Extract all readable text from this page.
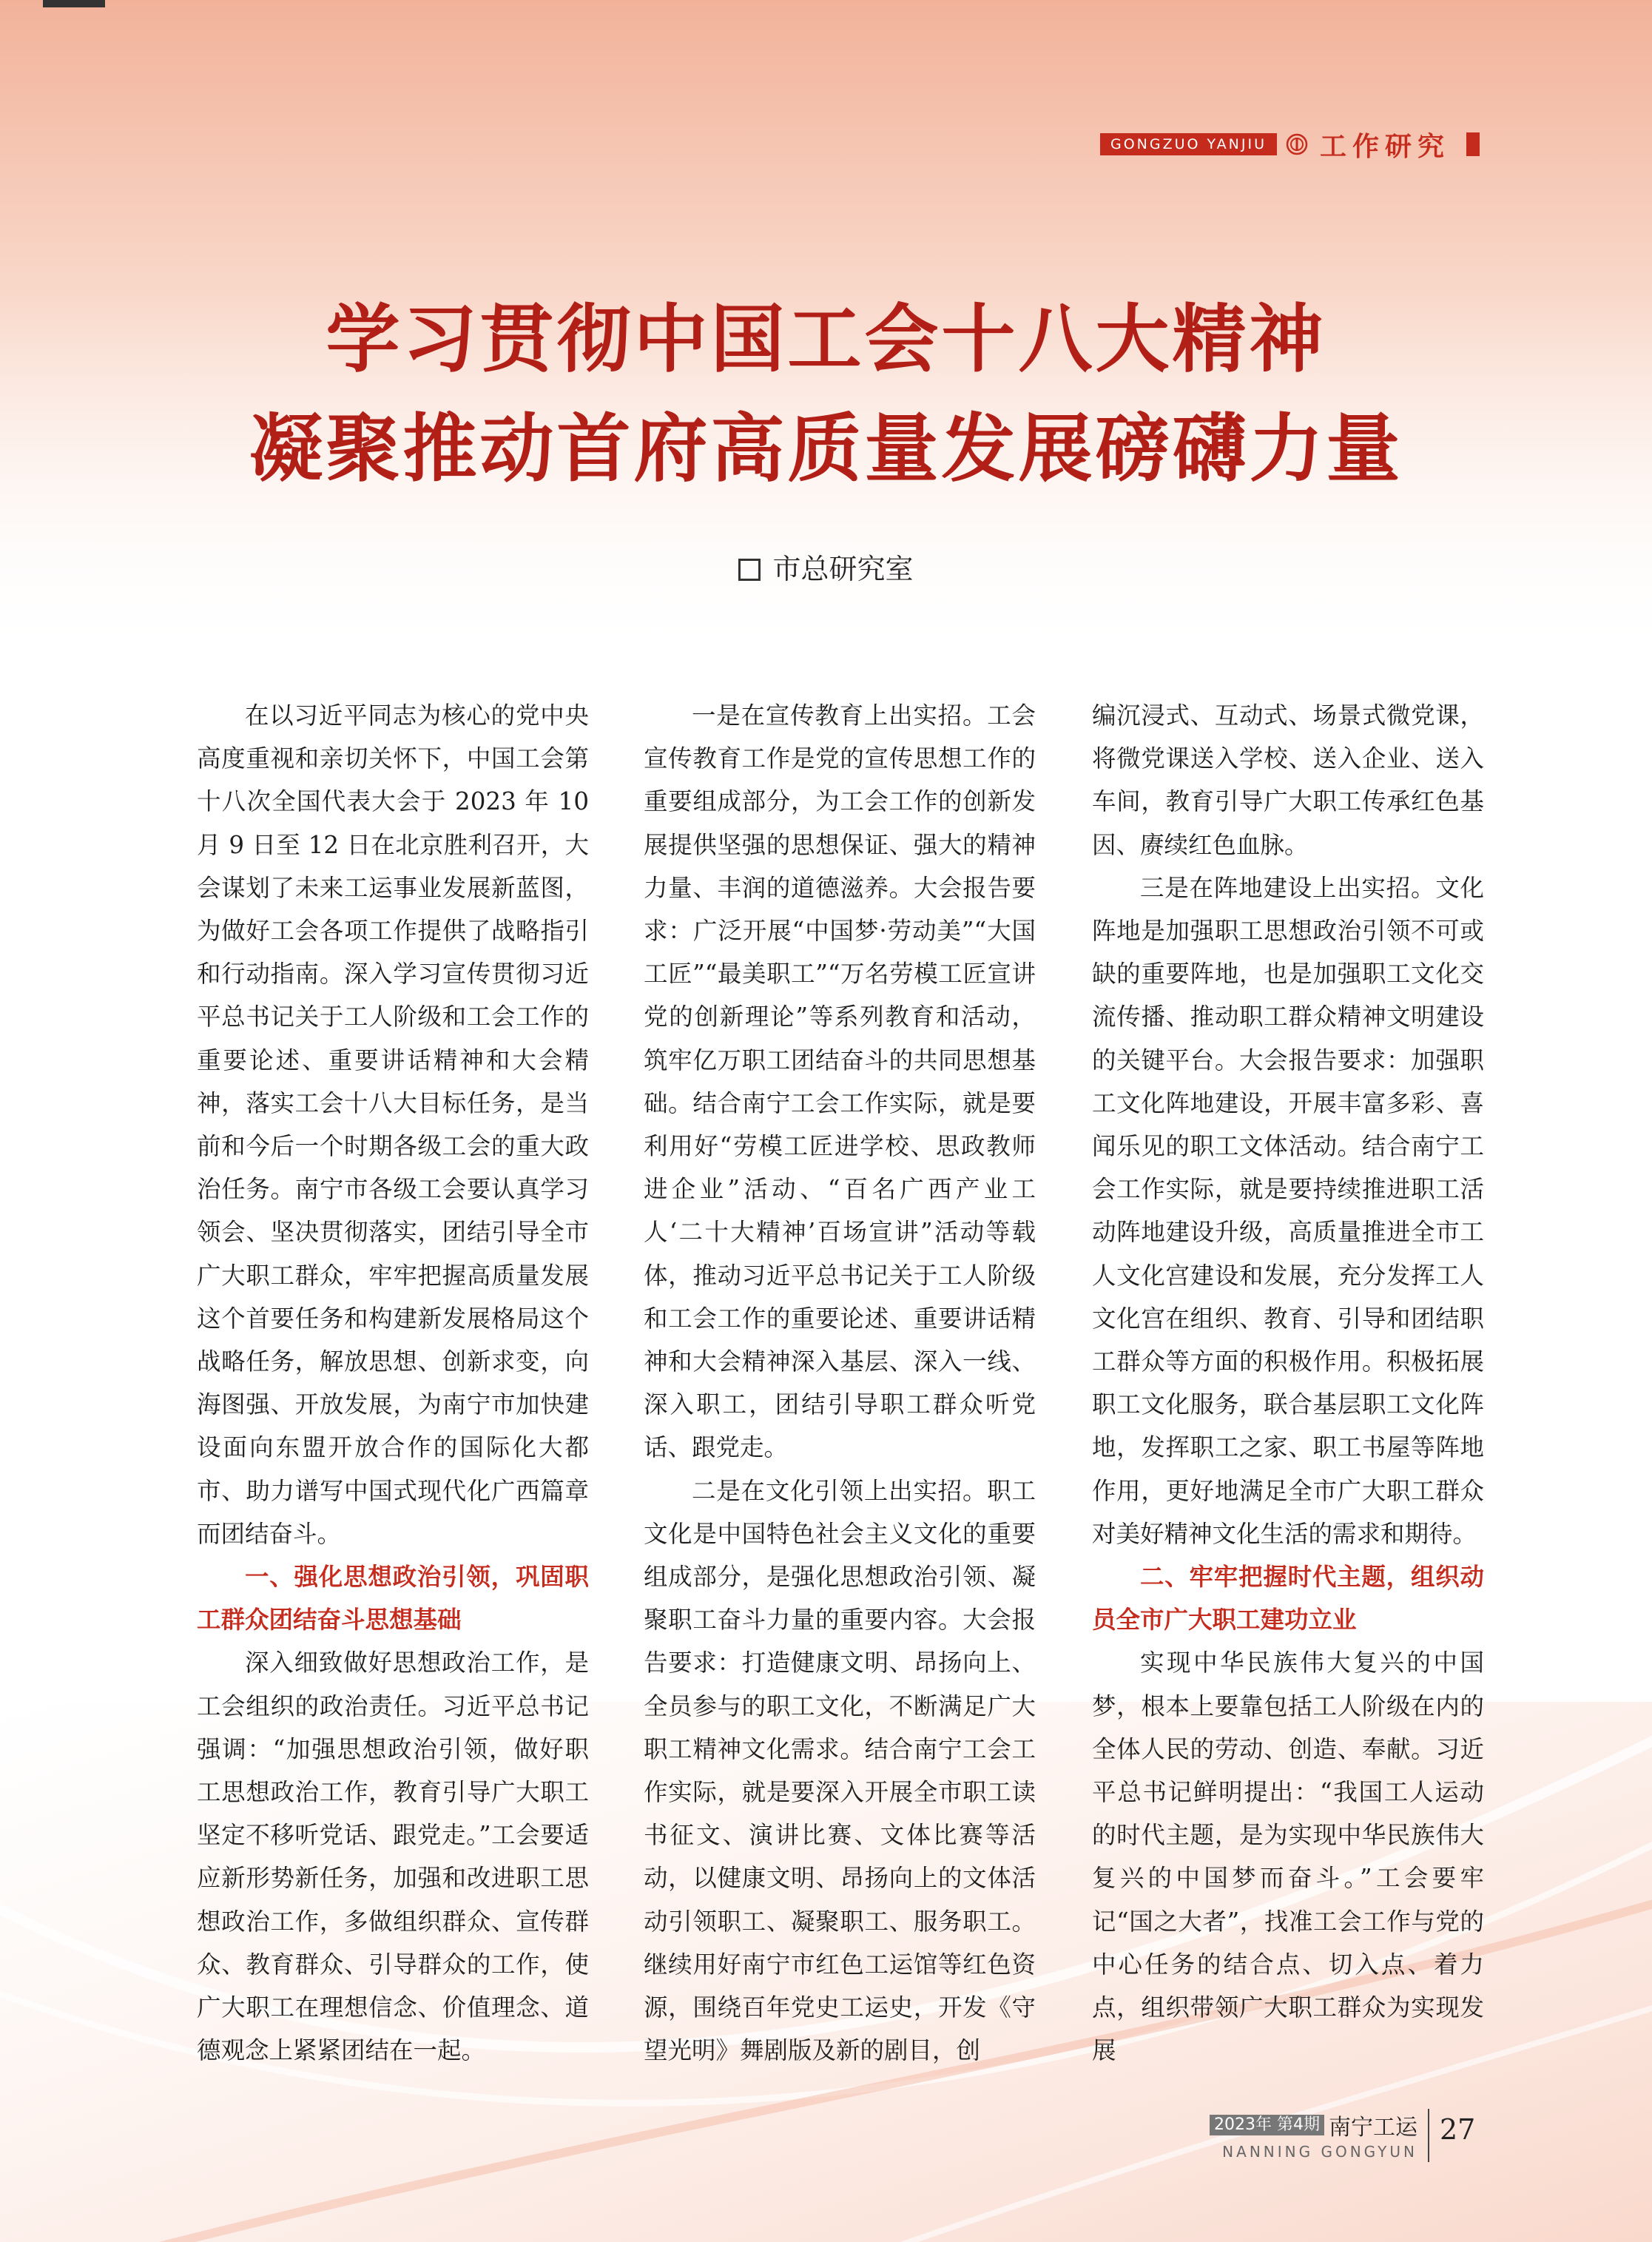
GONGZUO YANJIU	工作研究
学习贯彻中国工会十八大精神
凝聚推动首府高质量发展磅礴力量
市总研究室

在以习近平同志为核心的党中央高度重视和亲切关怀下，中国工会第十八次全国代表大会于 2023 年 10 月 9 日至 12 日在北京胜利召开，大会谋划了未来工运事业发展新蓝图，为做好工会各项工作提供了战略指引和行动指南。深入学习宣传贯彻习近平总书记关于工人阶级和工会工作的重要论述、重要讲话精神和大会精神，落实工会十八大目标任务，是当前和今后一个时期各级工会的重大政治任务。南宁市各级工会要认真学习领会、坚决贯彻落实，团结引导全市广大职工群众，牢牢把握高质量发展这个首要任务和构建新发展格局这个战略任务，解放思想、创新求变，向海图强、开放发展，为南宁市加快建设面向东盟开放合作的国际化大都市、助力谱写中国式现代化广西篇章而团结奋斗。

一、强化思想政治引领，巩固职工群众团结奋斗思想基础

深入细致做好思想政治工作，是工会组织的政治责任。习近平总书记强调：“加强思想政治引领，做好职工思想政治工作，教育引导广大职工坚定不移听党话、跟党走。”工会要适应新形势新任务，加强和改进职工思想政治工作，多做组织群众、宣传群众、教育群众、引导群众的工作，使广大职工在理想信念、价值理念、道德观念上紧紧团结在一起。

一是在宣传教育上出实招。工会宣传教育工作是党的宣传思想工作的重要组成部分，为工会工作的创新发展提供坚强的思想保证、强大的精神力量、丰润的道德滋养。大会报告要求：广泛开展“中国梦·劳动美”“大国工匠”“最美职工”“万名劳模工匠宣讲党的创新理论”等系列教育和活动，筑牢亿万职工团结奋斗的共同思想基础。结合南宁工会工作实际，就是要利用好“劳模工匠进学校、思政教师进企业”活动、“百名广西产业工人‘二十大精神’百场宣讲”活动等载体，推动习近平总书记关于工人阶级和工会工作的重要论述、重要讲话精神和大会精神深入基层、深入一线、深入职工，团结引导职工群众听党话、跟党走。

二是在文化引领上出实招。职工文化是中国特色社会主义文化的重要组成部分，是强化思想政治引领、凝聚职工奋斗力量的重要内容。大会报告要求：打造健康文明、昂扬向上、全员参与的职工文化，不断满足广大职工精神文化需求。结合南宁工会工作实际，就是要深入开展全市职工读书征文、演讲比赛、文体比赛等活动，以健康文明、昂扬向上的文体活动引领职工、凝聚职工、服务职工。继续用好南宁市红色工运馆等红色资源，围绕百年党史工运史，开发《守望光明》舞剧版及新的剧目，创

编沉浸式、互动式、场景式微党课，将微党课送入学校、送入企业、送入车间，教育引导广大职工传承红色基因、赓续红色血脉。

三是在阵地建设上出实招。文化阵地是加强职工思想政治引领不可或缺的重要阵地，也是加强职工文化交流传播、推动职工群众精神文明建设的关键平台。大会报告要求：加强职工文化阵地建设，开展丰富多彩、喜闻乐见的职工文体活动。结合南宁工会工作实际，就是要持续推进职工活动阵地建设升级，高质量推进全市工人文化宫建设和发展，充分发挥工人文化宫在组织、教育、引导和团结职工群众等方面的积极作用。积极拓展职工文化服务，联合基层职工文化阵地，发挥职工之家、职工书屋等阵地作用，更好地满足全市广大职工群众对美好精神文化生活的需求和期待。

二、牢牢把握时代主题，组织动员全市广大职工建功立业

实现中华民族伟大复兴的中国梦，根本上要靠包括工人阶级在内的全体人民的劳动、创造、奉献。习近平总书记鲜明提出：“我国工人运动的时代主题，是为实现中华民族伟大复兴的中国梦而奋斗。”工会要牢记“国之大者”，找准工会工作与党的中心任务的结合点、切入点、着力点，组织带领广大职工群众为实现发展

2023年 第4期 南宁工运
NANNING GONGYUN
27
